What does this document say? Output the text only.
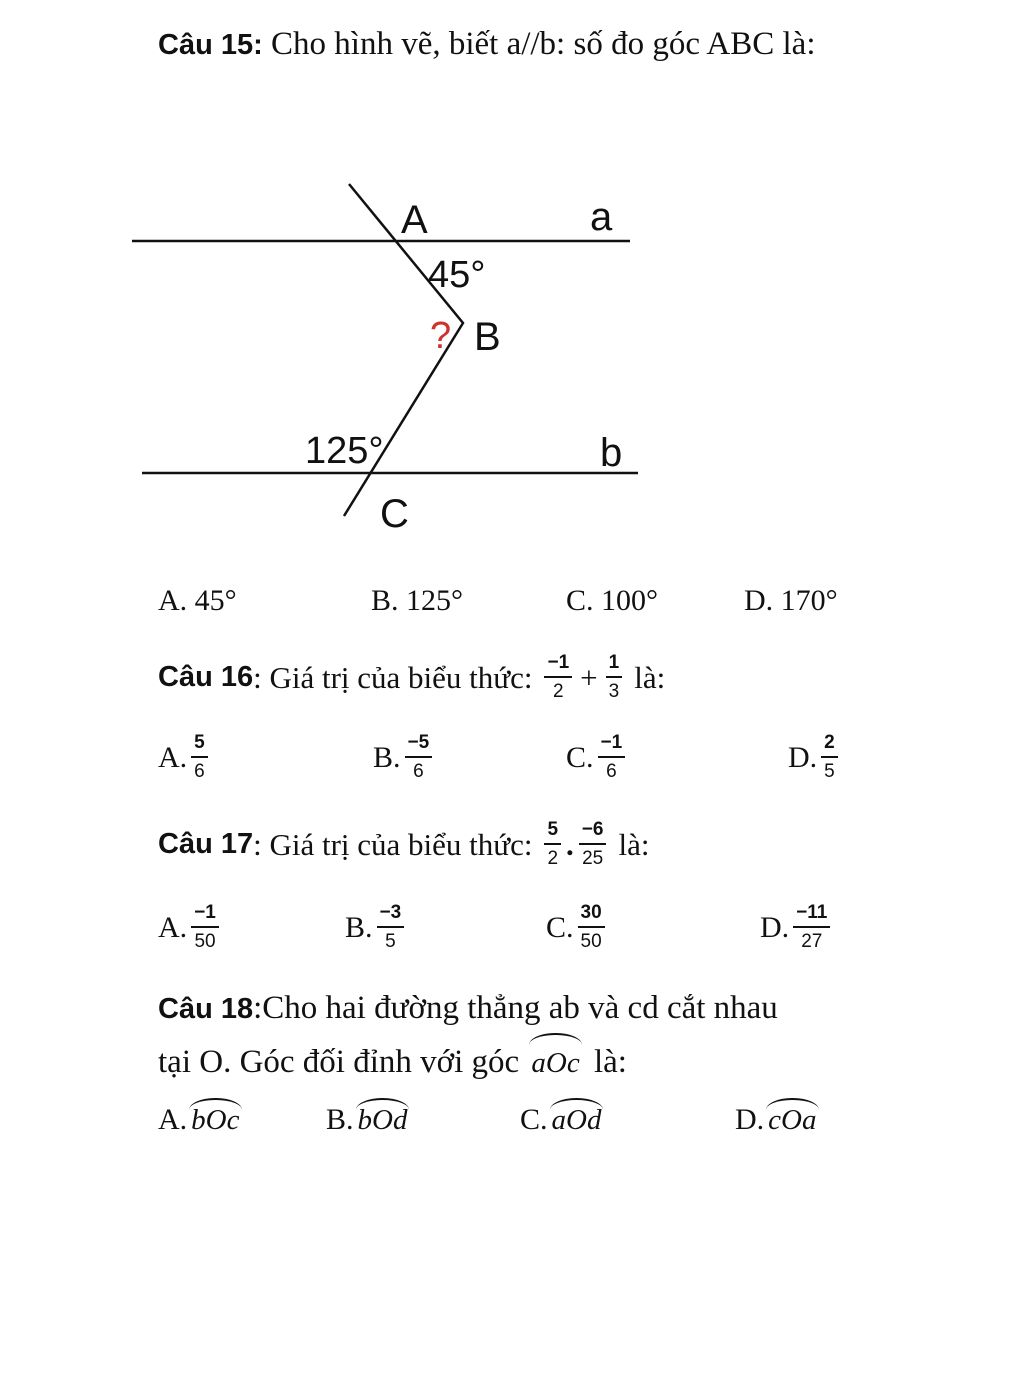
Câu 15: Cho hình vẽ, biết a//b: số đo góc ABC là:
A	a
45°
? B
125°	b
C
A. 45°	B. 125°	C. 100°	D. 170°
Câu 16 : Giá trị của biểu thức: $\frac{-1}{2} + \frac{1}{3}$ là:
A. $\frac{5}{6}$	B. $\frac{-5}{6}$	C. $\frac{-1}{6}$	D. $\frac{2}{5}$
Câu 17 : Giá trị của biểu thức: $\frac{5}{2}$ . $\frac{-6}{25}$ là:
A. $\frac{-1}{50}$	B. $\frac{-3}{5}$	C. $\frac{30}{50}$	D. $\frac{-11}{27}$
Câu 18:Cho hai đường thẳng ab và cd cắt nhau
tại O. Góc đối đỉnh với góc aOc là:
A. bOc	B. bOd	C. aOd	D. cOa
